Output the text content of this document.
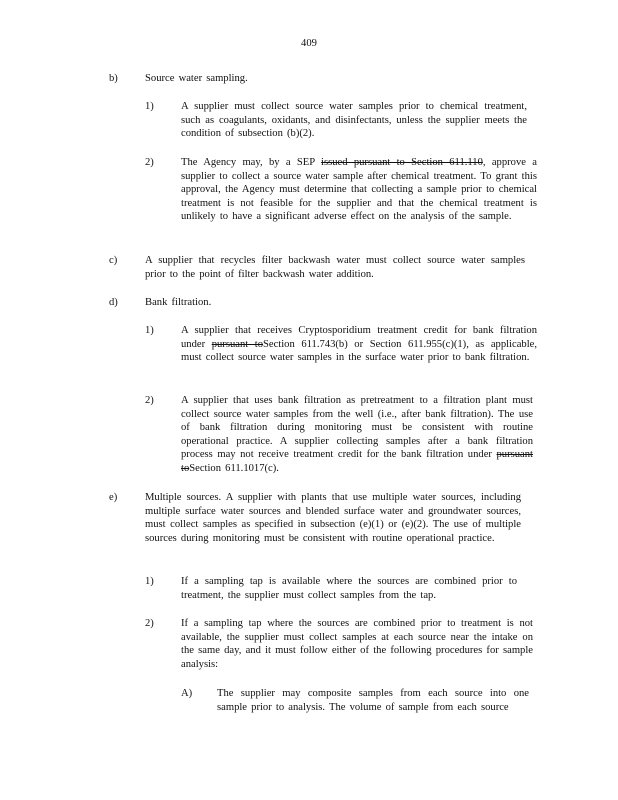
409
b)	Source water sampling.
1)	A supplier must collect source water samples prior to chemical treatment, such as coagulants, oxidants, and disinfectants, unless the supplier meets the condition of subsection (b)(2).
2)	The Agency may, by a SEP issued pursuant to Section 611.110, approve a supplier to collect a source water sample after chemical treatment. To grant this approval, the Agency must determine that collecting a sample prior to chemical treatment is not feasible for the supplier and that the chemical treatment is unlikely to have a significant adverse effect on the analysis of the sample.
c)	A supplier that recycles filter backwash water must collect source water samples prior to the point of filter backwash water addition.
d)	Bank filtration.
1)	A supplier that receives Cryptosporidium treatment credit for bank filtration under pursuant toSection 611.743(b) or Section 611.955(c)(1), as applicable, must collect source water samples in the surface water prior to bank filtration.
2)	A supplier that uses bank filtration as pretreatment to a filtration plant must collect source water samples from the well (i.e., after bank filtration). The use of bank filtration during monitoring must be consistent with routine operational practice. A supplier collecting samples after a bank filtration process may not receive treatment credit for the bank filtration under pursuant toSection 611.1017(c).
e)	Multiple sources. A supplier with plants that use multiple water sources, including multiple surface water sources and blended surface water and groundwater sources, must collect samples as specified in subsection (e)(1) or (e)(2). The use of multiple sources during monitoring must be consistent with routine operational practice.
1)	If a sampling tap is available where the sources are combined prior to treatment, the supplier must collect samples from the tap.
2)	If a sampling tap where the sources are combined prior to treatment is not available, the supplier must collect samples at each source near the intake on the same day, and it must follow either of the following procedures for sample analysis:
A) The supplier may composite samples from each source into one sample prior to analysis. The volume of sample from each source
